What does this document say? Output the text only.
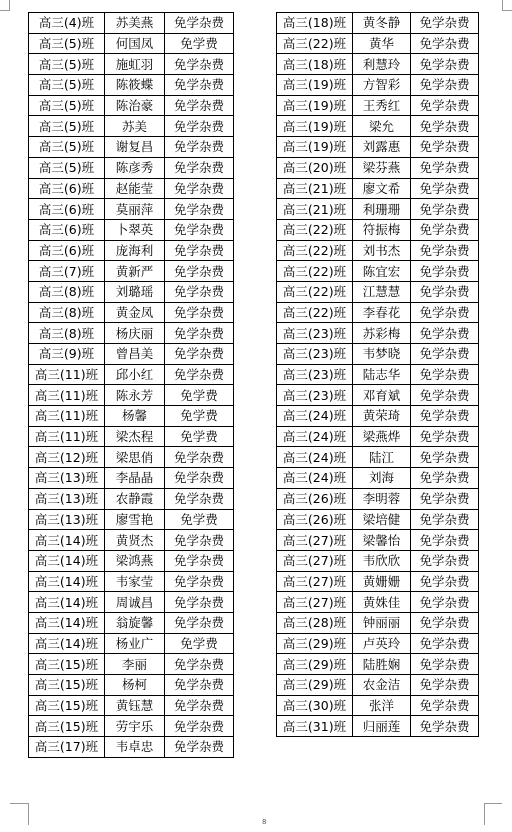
高三(4)班	苏美燕	免学杂费
高三(5)班	何国凤	免学费
高三(5)班	施虹羽	免学杂费
高三(5)班	陈筱蝶	免学杂费
高三(5)班	陈治豪	免学杂费
高三(5)班	苏美	免学杂费
高三(5)班	谢复昌	免学杂费
高三(5)班	陈彦秀	免学杂费
高三(6)班	赵能莹	免学杂费
高三(6)班	莫丽萍	免学杂费
高三(6)班	卜翠英	免学杂费
高三(6)班	庞海利	免学杂费
高三(7)班	黄新严	免学杂费
高三(8)班	刘璐瑶	免学杂费
高三(8)班	黄金凤	免学杂费
高三(8)班	杨庆丽	免学杂费
高三(9)班	曾昌美	免学杂费
高三(11)班	邱小红	免学杂费
高三(11)班	陈永芳	免学费
高三(11)班	杨馨	免学费
高三(11)班	梁杰程	免学费
高三(12)班	梁思俏	免学杂费
高三(13)班	李晶晶	免学杂费
高三(13)班	农静霞	免学杂费
高三(13)班	廖雪艳	免学费
高三(14)班	黄贤杰	免学杂费
高三(14)班	梁鸿燕	免学杂费
高三(14)班	韦家莹	免学杂费
高三(14)班	周诚昌	免学杂费
高三(14)班	翁旋馨	免学杂费
高三(14)班	杨业广	免学费
高三(15)班	李丽	免学杂费
高三(15)班	杨柯	免学杂费
高三(15)班	黄钰慧	免学杂费
高三(15)班	劳宇乐	免学杂费
高三(17)班	韦卓忠	免学杂费
高三(18)班	黄冬静	免学杂费
高三(22)班	黄华	免学杂费
高三(18)班	利慧玲	免学杂费
高三(19)班	方智彩	免学杂费
高三(19)班	王秀红	免学杂费
高三(19)班	梁允	免学杂费
高三(19)班	刘露惠	免学杂费
高三(20)班	梁芬燕	免学杂费
高三(21)班	廖文希	免学杂费
高三(21)班	利珊珊	免学杂费
高三(22)班	符振梅	免学杂费
高三(22)班	刘书杰	免学杂费
高三(22)班	陈宜宏	免学杂费
高三(22)班	江慧慧	免学杂费
高三(22)班	李春花	免学杂费
高三(23)班	苏彩梅	免学杂费
高三(23)班	韦梦晓	免学杂费
高三(23)班	陆志华	免学杂费
高三(23)班	邓育斌	免学杂费
高三(24)班	黄荣琦	免学杂费
高三(24)班	梁燕烨	免学杂费
高三(24)班	陆江	免学杂费
高三(24)班	刘海	免学杂费
高三(26)班	李明蓉	免学杂费
高三(26)班	梁培健	免学杂费
高三(27)班	梁馨怡	免学杂费
高三(27)班	韦欣欣	免学杂费
高三(27)班	黄姗姗	免学杂费
高三(27)班	黄姝佳	免学杂费
高三(28)班	钟丽丽	免学杂费
高三(29)班	卢英玲	免学杂费
高三(29)班	陆胜娴	免学杂费
高三(29)班	农金洁	免学杂费
高三(30)班	张洋	免学杂费
高三(31)班	归丽莲	免学杂费
8
